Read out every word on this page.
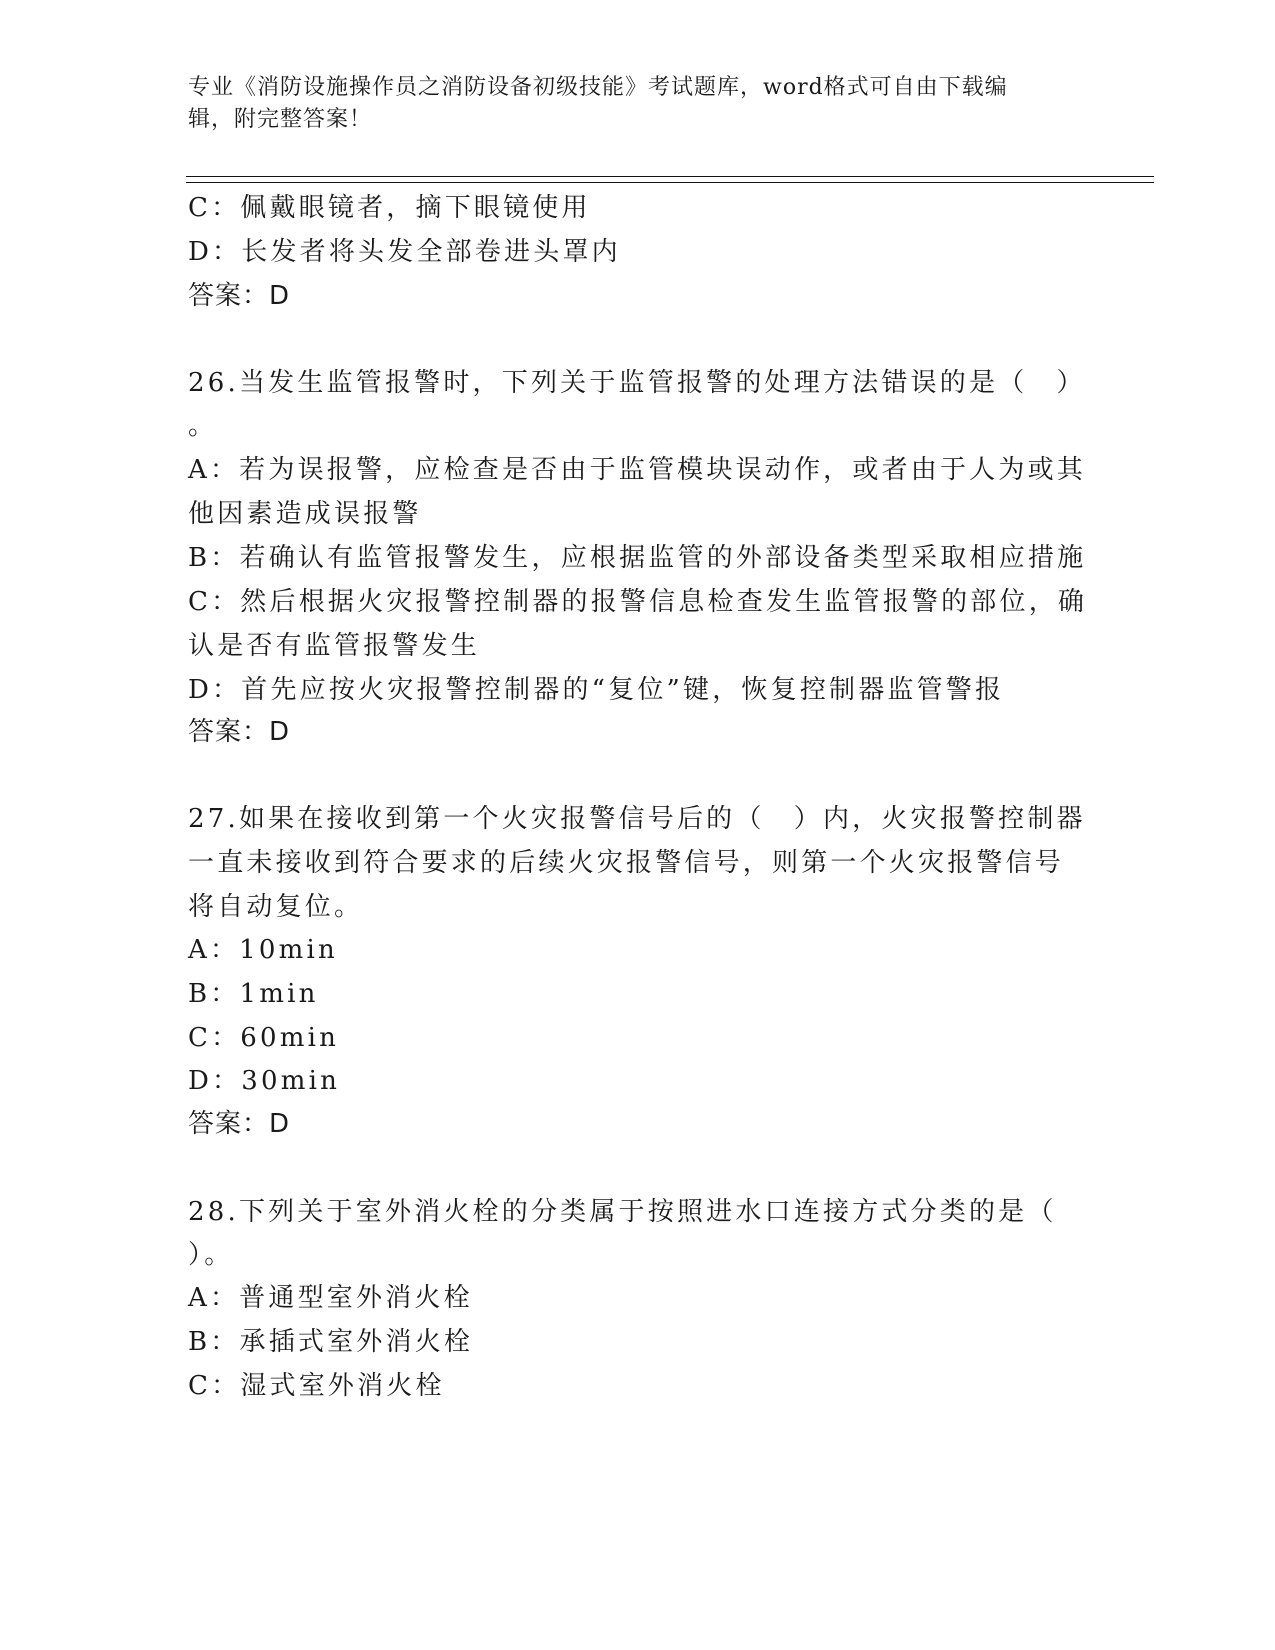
专业《消防设施操作员之消防设备初级技能》考试题库，word格式可自由下载编
辑，附完整答案！
C：佩戴眼镜者，摘下眼镜使用
D：长发者将头发全部卷进头罩内
答案：D
26.当发生监管报警时，下列关于监管报警的处理方法错误的是（　）
。
A：若为误报警，应检查是否由于监管模块误动作，或者由于人为或其
他因素造成误报警
B：若确认有监管报警发生，应根据监管的外部设备类型采取相应措施
C：然后根据火灾报警控制器的报警信息检查发生监管报警的部位，确
认是否有监管报警发生
D：首先应按火灾报警控制器的“复位”键，恢复控制器监管警报
答案：D
27.如果在接收到第一个火灾报警信号后的（　）内，火灾报警控制器
一直未接收到符合要求的后续火灾报警信号，则第一个火灾报警信号
将自动复位。
A：10min
B：1min
C：60min
D：30min
答案：D
28.下列关于室外消火栓的分类属于按照进水口连接方式分类的是（
）。
A：普通型室外消火栓
B：承插式室外消火栓
C：湿式室外消火栓
